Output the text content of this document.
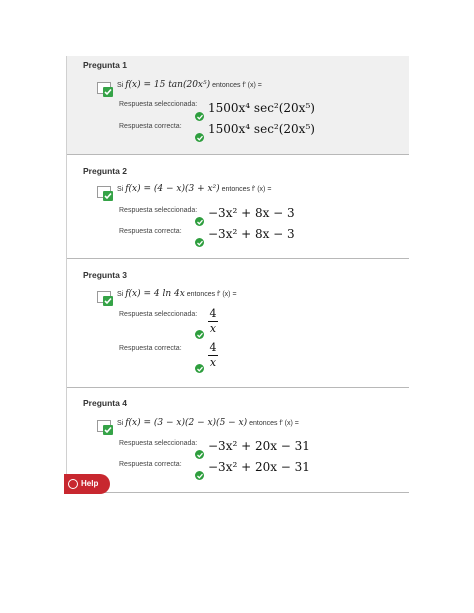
Pregunta 1
Si f(x) = 15 tan(20x⁵) entonces f' (x) =
Respuesta seleccionada: 1500x⁴ sec²(20x⁵)
Respuesta correcta: 1500x⁴ sec²(20x⁵)
Pregunta 2
Si f(x) = (4 − x)(3 + x²) entonces f' (x) =
Respuesta seleccionada: −3x² + 8x − 3
Respuesta correcta: −3x² + 8x − 3
Pregunta 3
Si f(x) = 4 ln 4x entonces f' (x) =
Respuesta seleccionada: 4
x
Respuesta correcta:	4
x
Pregunta 4
Si f(x) = (3 − x)(2 − x)(5 − x) entonces f' (x) =
Respuesta seleccionada: −3x² + 20x − 31
Respuesta correcta: −3x² + 20x − 31
Help
